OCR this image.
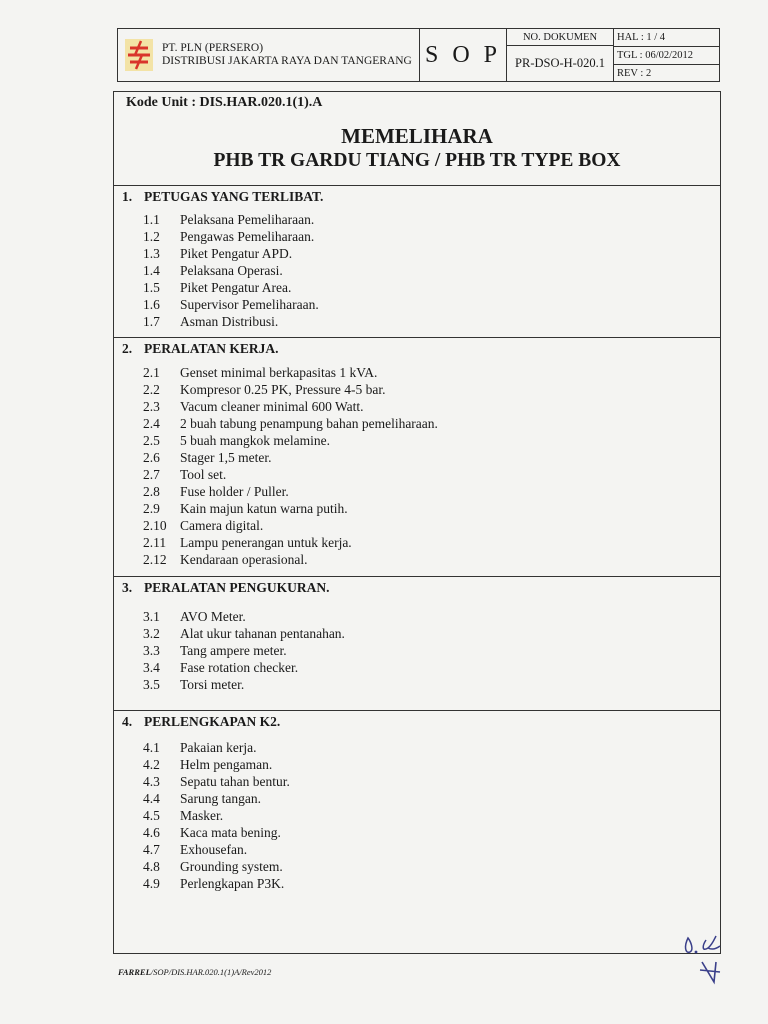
PT. PLN (PERSERO)
DISTRIBUSI JAKARTA RAYA DAN TANGERANG S O P
NO. DOKUMEN
PR-DSO-H-020.1
HAL : 1 / 4
TGL : 06/02/2012
REV : 2
Kode Unit : DIS.HAR.020.1(1).A
MEMELIHARA
PHB TR GARDU TIANG / PHB TR TYPE BOX
1. PETUGAS YANG TERLIBAT.
1.1 Pelaksana Pemeliharaan.
1.2 Pengawas Pemeliharaan.
1.3 Piket Pengatur APD.
1.4 Pelaksana Operasi.
1.5 Piket Pengatur Area.
1.6 Supervisor Pemeliharaan.
1.7 Asman Distribusi.
2. PERALATAN KERJA.
2.1 Genset minimal berkapasitas 1 kVA.
2.2 Kompresor 0.25 PK, Pressure 4-5 bar.
2.3 Vacum cleaner minimal 600 Watt.
2.4 2 buah tabung penampung bahan pemeliharaan.
2.5 5 buah mangkok melamine.
2.6 Stager 1,5 meter.
2.7 Tool set.
2.8 Fuse holder / Puller.
2.9 Kain majun katun warna putih.
2.10 Camera digital.
2.11 Lampu penerangan untuk kerja.
2.12 Kendaraan operasional.
3. PERALATAN PENGUKURAN.
3.1 AVO Meter.
3.2 Alat ukur tahanan pentanahan.
3.3 Tang ampere meter.
3.4 Fase rotation checker.
3.5 Torsi meter.
4. PERLENGKAPAN K2.
4.1 Pakaian kerja.
4.2 Helm pengaman.
4.3 Sepatu tahan bentur.
4.4 Sarung tangan.
4.5 Masker.
4.6 Kaca mata bening.
4.7 Exhousefan.
4.8 Grounding system.
4.9 Perlengkapan P3K.
FARREL/SOP/DIS.HAR.020.1(1)A/Rev2012
